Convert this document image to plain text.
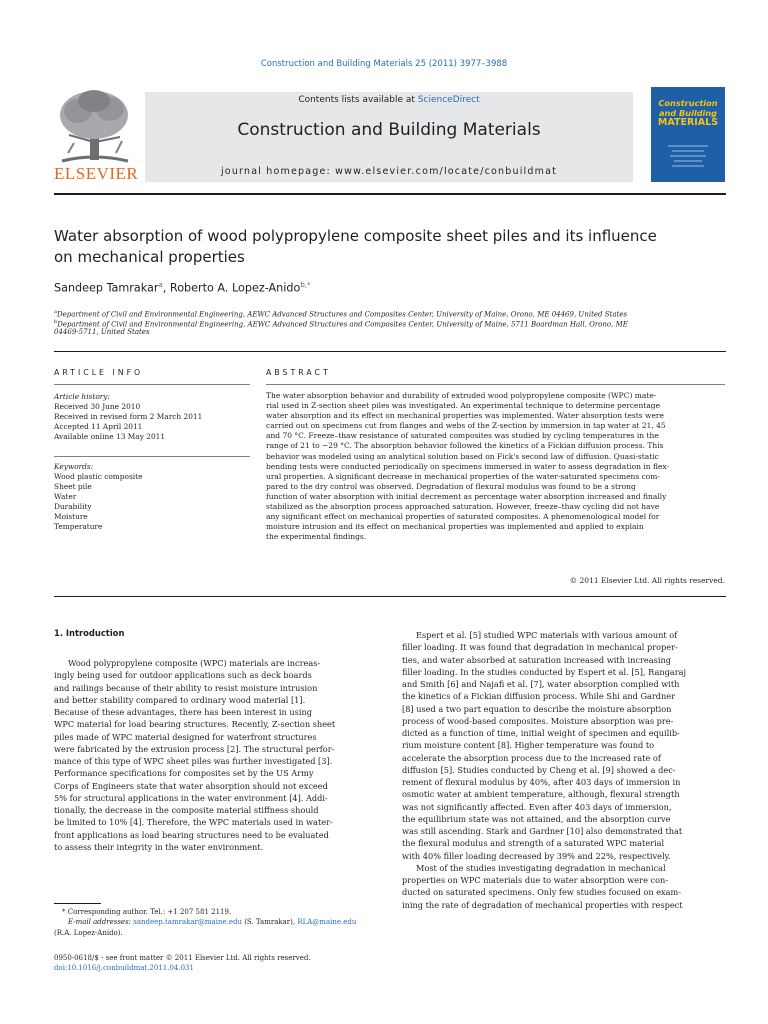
Construction and Building Materials 25 (2011) 3977–3988
ELSEVIER
Contents lists available at ScienceDirect
Construction and Building Materials
journal homepage: www.elsevier.com/locate/conbuildmat
Construction
and Building
MATERIALS
Water absorption of wood polypropylene composite sheet piles and its influence
on mechanical properties
Sandeep Tamrakar$^a$, Roberto A. Lopez-Anido$^{b,*}$
$^a$Department of Civil and Environmental Engineering, AEWC Advanced Structures and Composites Center, University of Maine, Orono, ME 04469, United States
$^b$Department of Civil and Environmental Engineering, AEWC Advanced Structures and Composites Center, University of Maine, 5711 Boardman Hall, Orono, ME
04469-5711, United States
ARTICLE INFO
Article history:
Received 30 June 2010
Received in revised form 2 March 2011
Accepted 11 April 2011
Available online 13 May 2011
Keywords:
Wood plastic composite
Sheet pile
Water
Durability
Moisture
Temperature
ABSTRACT
The water absorption behavior and durability of extruded wood polypropylene composite (WPC) mate-
rial used in Z-section sheet piles was investigated. An experimental technique to determine percentage
water absorption and its effect on mechanical properties was implemented. Water absorption tests were
carried out on specimens cut from flanges and webs of the Z-section by immersion in tap water at 21, 45
and 70 °C. Freeze–thaw resistance of saturated composites was studied by cycling temperatures in the
range of 21 to −29 °C. The absorption behavior followed the kinetics of a Fickian diffusion process. This
behavior was modeled using an analytical solution based on Fick's second law of diffusion. Quasi-static
bending tests were conducted periodically on specimens immersed in water to assess degradation in flex-
ural properties. A significant decrease in mechanical properties of the water-saturated specimens com-
pared to the dry control was observed. Degradation of flexural modulus was found to be a strong
function of water absorption with initial decrement as percentage water absorption increased and finally
stabilized as the absorption process approached saturation. However, freeze–thaw cycling did not have
any significant effect on mechanical properties of saturated composites. A phenomenological model for
moisture intrusion and its effect on mechanical properties was implemented and applied to explain
the experimental findings.
© 2011 Elsevier Ltd. All rights reserved.
1. Introduction
Wood polypropylene composite (WPC) materials are increas-
ingly being used for outdoor applications such as deck boards
and railings because of their ability to resist moisture intrusion
and better stability compared to ordinary wood material [1].
Because of these advantages, there has been interest in using
WPC material for load bearing structures. Recently, Z-section sheet
piles made of WPC material designed for waterfront structures
were fabricated by the extrusion process [2]. The structural perfor-
mance of this type of WPC sheet piles was further investigated [3].
Performance specifications for composites set by the US Army
Corps of Engineers state that water absorption should not exceed
5% for structural applications in the water environment [4]. Addi-
tionally, the decrease in the composite material stiffness should
be limited to 10% [4]. Therefore, the WPC materials used in water-
front applications as load bearing structures need to be evaluated
to assess their integrity in the water environment.
Espert et al. [5] studied WPC materials with various amount of
filler loading. It was found that degradation in mechanical proper-
ties, and water absorbed at saturation increased with increasing
filler loading. In the studies conducted by Espert et al. [5], Rangaraj
and Smith [6] and Najafi et al. [7], water absorption complied with
the kinetics of a Fickian diffusion process. While Shi and Gardner
[8] used a two part equation to describe the moisture absorption
process of wood-based composites. Moisture absorption was pre-
dicted as a function of time, initial weight of specimen and equilib-
rium moisture content [8]. Higher temperature was found to
accelerate the absorption process due to the increased rate of
diffusion [5]. Studies conducted by Cheng et al. [9] showed a dec-
rement of flexural modulus by 40%, after 403 days of immersion in
osmotic water at ambient temperature, although, flexural strength
was not significantly affected. Even after 403 days of immersion,
the equilibrium state was not attained, and the absorption curve
was still ascending. Stark and Gardner [10] also demonstrated that
the flexural modulus and strength of a saturated WPC material
with 40% filler loading decreased by 39% and 22%, respectively.
Most of the studies investigating degradation in mechanical
properties on WPC materials due to water absorption were con-
ducted on saturated specimens. Only few studies focused on exam-
ining the rate of degradation of mechanical properties with respect
* Corresponding author. Tel.: +1 207 581 2119.
E-mail addresses: sandeep.tamrakar@maine.edu (S. Tamrakar), RLA@maine.edu
(R.A. Lopez-Anido).
0950-0618/$ - see front matter © 2011 Elsevier Ltd. All rights reserved.
doi:10.1016/j.conbuildmat.2011.04.031
